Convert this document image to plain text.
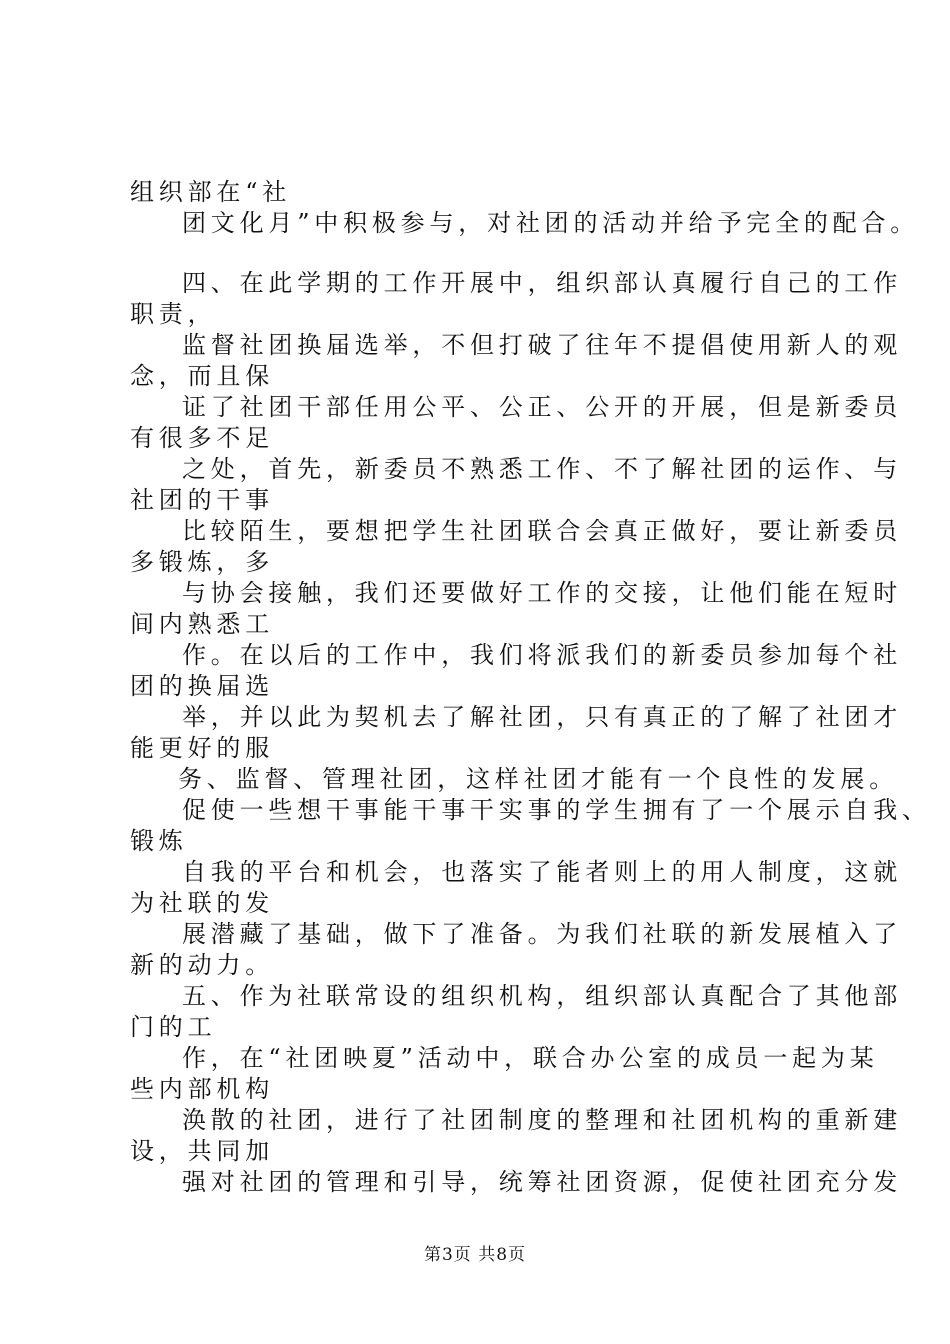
组织部在“社
团文化月”中积极参与，对社团的活动并给予完全的配合。
四、在此学期的工作开展中，组织部认真履行自己的工作
职责，
监督社团换届选举，不但打破了往年不提倡使用新人的观
念，而且保
证了社团干部任用公平、公正、公开的开展，但是新委员
有很多不足
之处，首先，新委员不熟悉工作、不了解社团的运作、与
社团的干事
比较陌生，要想把学生社团联合会真正做好，要让新委员
多锻炼，多
与协会接触，我们还要做好工作的交接，让他们能在短时
间内熟悉工
作。在以后的工作中，我们将派我们的新委员参加每个社
团的换届选
举，并以此为契机去了解社团，只有真正的了解了社团才
能更好的服
务、监督、管理社团，这样社团才能有一个良性的发展。
促使一些想干事能干事干实事的学生拥有了一个展示自我、
锻炼
自我的平台和机会，也落实了能者则上的用人制度，这就
为社联的发
展潜藏了基础，做下了准备。为我们社联的新发展植入了
新的动力。
五、作为社联常设的组织机构，组织部认真配合了其他部
门的工
作，在“社团映夏”活动中，联合办公室的成员一起为某
些内部机构
涣散的社团，进行了社团制度的整理和社团机构的重新建
设，共同加
强对社团的管理和引导，统筹社团资源，促使社团充分发
第3页 共8页
